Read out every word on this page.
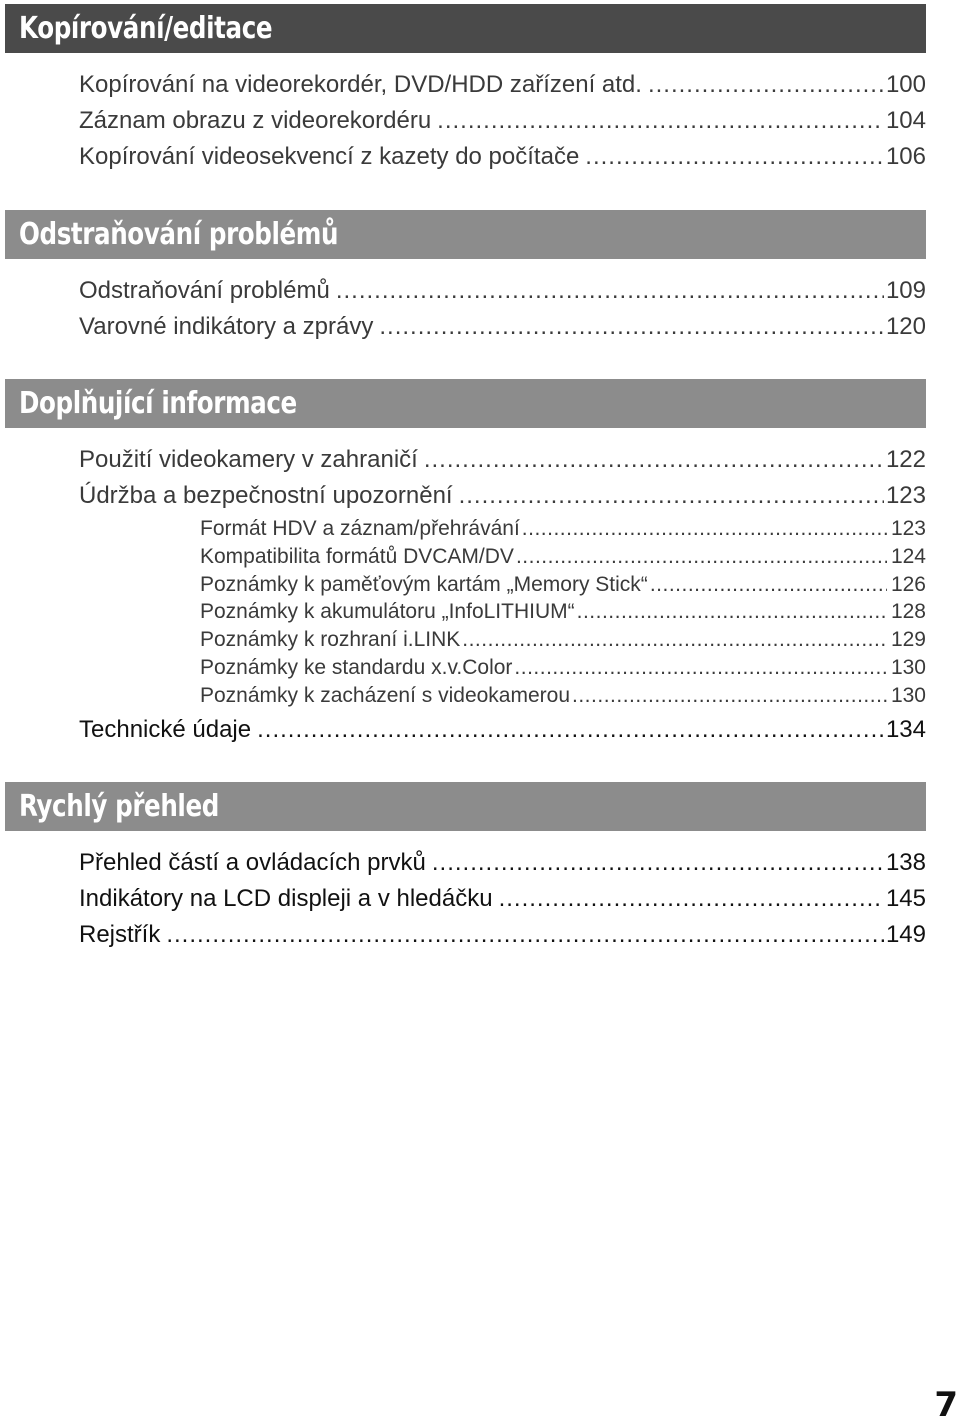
Kopírování/editace
Kopírování na videorekordér, DVD/HDD zařízení atd. .....	100
Záznam obrazu z videorekordéru .....	104
Kopírování videosekvencí z kazety do počítače .....	106
Odstraňování problémů
Odstraňování problémů .....	109
Varovné indikátory a zprávy .....	120
Doplňující informace
Použití videokamery v zahraničí .....	122
Údržba a bezpečnostní upozornění .....	123
Formát HDV a záznam/přehrávání .....	123
Kompatibilita formátů DVCAM/DV .....	124
Poznámky k paměťovým kartám „Memory Stick“ .....	126
Poznámky k akumulátoru „InfoLITHIUM“ .....	128
Poznámky k rozhraní i.LINK .....	129
Poznámky ke standardu x.v.Color .....	130
Poznámky k zacházení s videokamerou .....	130
Technické údaje .....	134
Rychlý přehled
Přehled částí a ovládacích prvků .....	138
Indikátory na LCD displeji a v hledáčku .....	145
Rejstřík .....	149
7
